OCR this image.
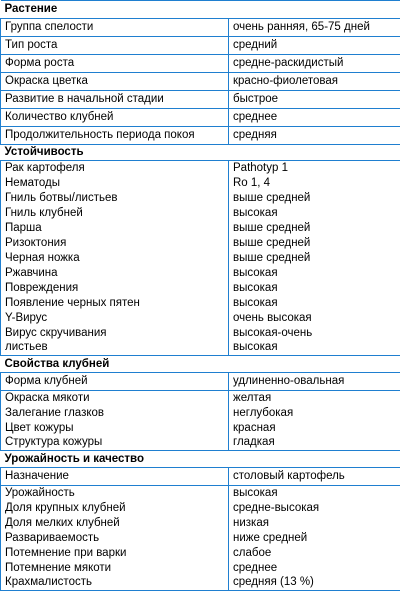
Растение	
Группа спелости	очень ранняя, 65-75 дней
Тип роста	средний
Форма роста	средне-раскидистый
Окраска цветка	красно-фиолетовая
Развитие в начальной стадии	быстрое
Количество клубней	среднее
Продолжительность периода покоя	средняя
Устойчивость	
Рак картофеля	Pathotyp 1
Нематоды	Ro 1, 4
Гниль ботвы/листьев	выше средней
Гниль клубней	высокая
Парша	выше средней
Ризоктония	выше средней
Черная ножка	выше средней
Ржавчина	высокая
Повреждения	высокая
Появление черных пятен	высокая
Y-Вирус	очень высокая
Вирус скручивания	высокая-очень
листьев	высокая
Свойства клубней	
Форма клубней	удлиненно-овальная
Окраска мякоти	желтая
Залегание глазков	неглубокая
Цвет кожуры	красная
Структура кожуры	гладкая
Урожайность и качество	
Назначение	столовый картофель
Урожайность	высокая
Доля крупных клубней	средне-высокая
Доля мелких клубней	низкая
Развариваемость	ниже средней
Потемнение при варки	слабое
Потемнение мякоти	среднее
Крахмалистость	средняя (13 %)
